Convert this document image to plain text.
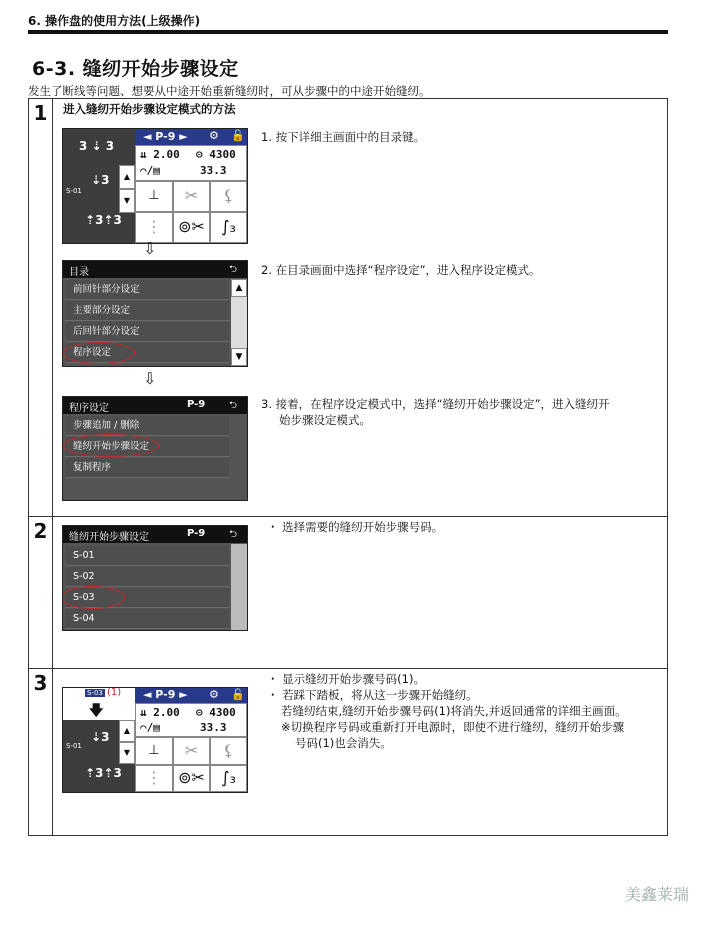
6. 操作盘的使用方法(上级操作)
6-3. 缝纫开始步骤设定
发生了断线等问题、想要从中途开始重新缝纫时，可从步骤中的中途开始缝纫。
1	进入缝纫开始步骤设定模式的方法
3 ⇣ 3
⇣3
S-01
⇡3⇡3
▲
▼
◄ P-9 ► ⚙ 🔓
⇊ 2.00 ⊝ 4300
⌒/▤	33.3
⊥	✂	⚸
⋮	⊚✂	∫₃
⇩
目录	⮌
前回针部分设定
主要部分设定
后回针部分设定
程序设定
▲
▼
⇩
程序设定	P-9 ⮌
步骤追加 / 删除
缝纫开始步骤设定
复制程序
1. 按下详细主画面中的目录键。
2. 在目录画面中选择“程序设定”，进入程序设定模式。
3. 接着，在程序设定模式中，选择“缝纫开始步骤设定”，进入缝纫开
始步骤设定模式。
2	缝纫开始步骤设定	P-9 ⮌
S-01
S-02
S-03
S-04
・ 选择需要的缝纫开始步骤号码。
3	S-03 (1)
🡇
⇣3
S-01
⇡3⇡3
▲
▼
◄ P-9 ► ⚙ 🔓
⇊ 2.00 ⊝ 4300
⌒/▤	33.3
⊥	✂	⚸
⋮	⊚✂	∫₃
・ 显示缝纫开始步骤号码(1)。
・ 若踩下踏板，将从这一步骤开始缝纫。
若缝纫结束,缝纫开始步骤号码(1)将消失,并返回通常的详细主画面。
※切换程序号码或重新打开电源时，即使不进行缝纫，缝纫开始步骤
号码(1)也会消失。
美鑫莱瑞
